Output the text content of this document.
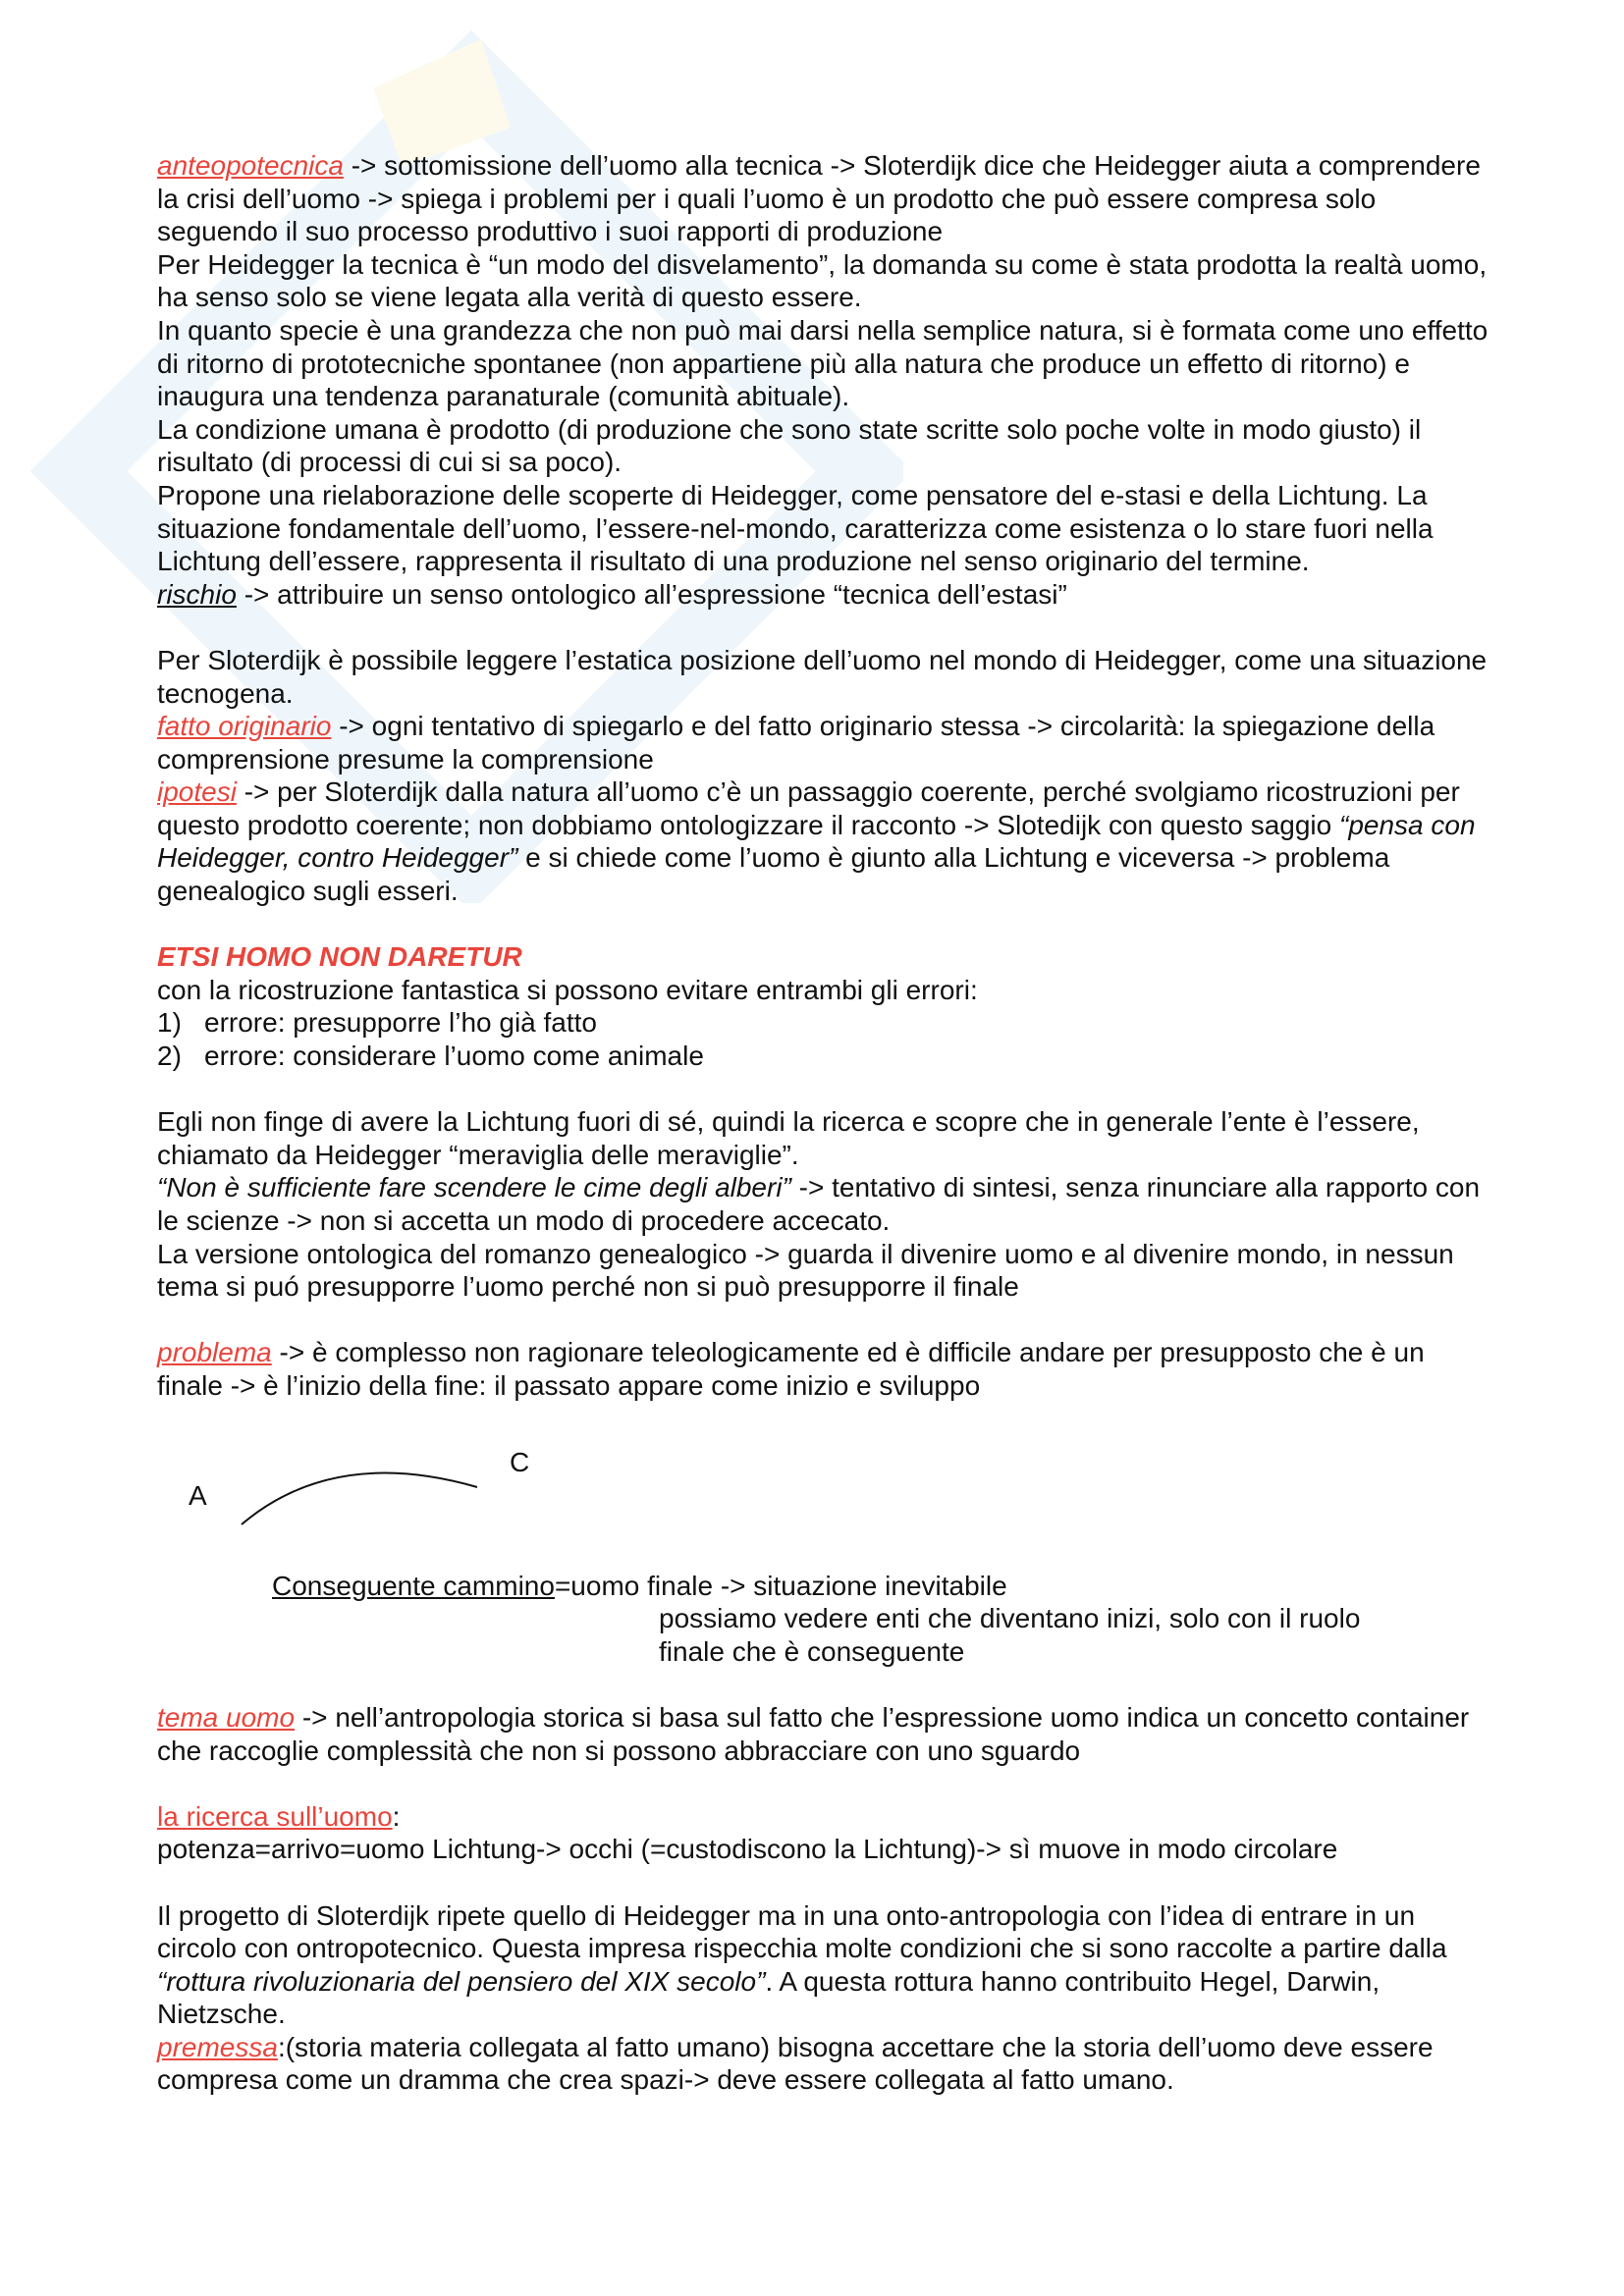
anteopotecnica -> sottomissione dell’uomo alla tecnica -> Sloterdijk dice che Heidegger aiuta a comprendere la crisi dell’uomo -> spiega i problemi per i quali l’uomo è un prodotto che può essere compresa solo seguendo il suo processo produttivo i suoi rapporti di produzione

Per Heidegger la tecnica è “un modo del disvelamento”, la domanda su come è stata prodotta la realtà uomo, ha senso solo se viene legata alla verità di questo essere.

In quanto specie è una grandezza che non può mai darsi nella semplice natura, si è formata come uno effetto di ritorno di prototecniche spontanee (non appartiene più alla natura che produce un effetto di ritorno) e inaugura una tendenza paranaturale (comunità abituale).

La condizione umana è prodotto (di produzione che sono state scritte solo poche volte in modo giusto) il risultato (di processi di cui si sa poco).

Propone una rielaborazione delle scoperte di Heidegger, come pensatore del e-stasi e della Lichtung. La situazione fondamentale dell’uomo, l’essere-nel-mondo, caratterizza come esistenza o lo stare fuori nella Lichtung dell’essere, rappresenta il risultato di una produzione nel senso originario del termine.

rischio -> attribuire un senso ontologico all’espressione “tecnica dell’estasi”

Per Sloterdijk è possibile leggere l’estatica posizione dell’uomo nel mondo di Heidegger, come una situazione tecnogena.

fatto originario -> ogni tentativo di spiegarlo e del fatto originario stessa -> circolarità: la spiegazione della comprensione presume la comprensione

ipotesi -> per Sloterdijk dalla natura all’uomo c’è un passaggio coerente, perché svolgiamo ricostruzioni per questo prodotto coerente; non dobbiamo ontologizzare il racconto -> Slotedijk con questo saggio “pensa con Heidegger, contro Heidegger” e si chiede come l’uomo è giunto alla Lichtung e viceversa -> problema genealogico sugli esseri.

ETSI HOMO NON DARETUR

con la ricostruzione fantastica si possono evitare entrambi gli errori:

1) errore: presupporre l’ho già fatto
2) errore: considerare l’uomo come animale

Egli non finge di avere la Lichtung fuori di sé, quindi la ricerca e scopre che in generale l’ente è l’essere, chiamato da Heidegger “meraviglia delle meraviglie”.

“Non è sufficiente fare scendere le cime degli alberi” -> tentativo di sintesi, senza rinunciare alla rapporto con le scienze -> non si accetta un modo di procedere accecato.

La versione ontologica del romanzo genealogico -> guarda il divenire uomo e al divenire mondo, in nessun tema si puó presupporre l’uomo perché non si può presupporre il finale

problema -> è complesso non ragionare teleologicamente ed è difficile andare per presupposto che è un finale -> è l’inizio della fine: il passato appare come inizio e sviluppo

A
C

Conseguente cammino=uomo finale -> situazione inevitabile

possiamo vedere enti che diventano inizi, solo con il ruolo

finale che è conseguente

tema uomo -> nell’antropologia storica si basa sul fatto che l’espressione uomo indica un concetto container che raccoglie complessità che non si possono abbracciare con uno sguardo

la ricerca sull’uomo:

potenza=arrivo=uomo Lichtung-> occhi (=custodiscono la Lichtung)-> sì muove in modo circolare

Il progetto di Sloterdijk ripete quello di Heidegger ma in una onto-antropologia con l’idea di entrare in un circolo con ontropotecnico. Questa impresa rispecchia molte condizioni che si sono raccolte a partire dalla “rottura rivoluzionaria del pensiero del XIX secolo”. A questa rottura hanno contribuito Hegel, Darwin, Nietzsche.

premessa:(storia materia collegata al fatto umano) bisogna accettare che la storia dell’uomo deve essere compresa come un dramma che crea spazi-> deve essere collegata al fatto umano.
